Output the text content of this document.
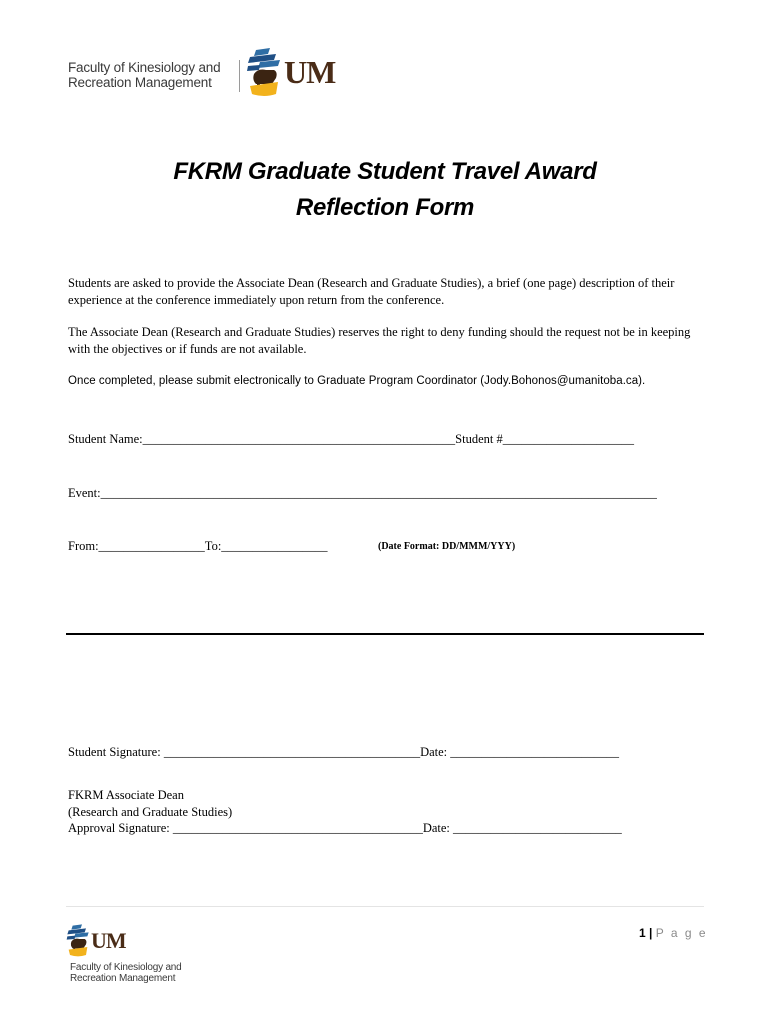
Faculty of Kinesiology and
Recreation Management UM
FKRM Graduate Student Travel Award
Reflection Form
Students are asked to provide the Associate Dean (Research and Graduate Studies), a brief (one page) description of their experience at the conference immediately upon return from the conference.
The Associate Dean (Research and Graduate Studies) reserves the right to deny funding should the request not be in keeping with the objectives or if funds are not available.
Once completed, please submit electronically to Graduate Program Coordinator (Jody.Bohonos@umanitoba.ca).
Student Name:__________________________________________________Student #_____________________
Event:_________________________________________________________________________________________
From:_________________To:_________________	(Date Format: DD/MMM/YYY)
Student Signature: _________________________________________Date: ___________________________
FKRM Associate Dean
(Research and Graduate Studies)
Approval Signature: ________________________________________Date: ___________________________
1 | P a g e
UM
Faculty of Kinesiology and
Recreation Management
